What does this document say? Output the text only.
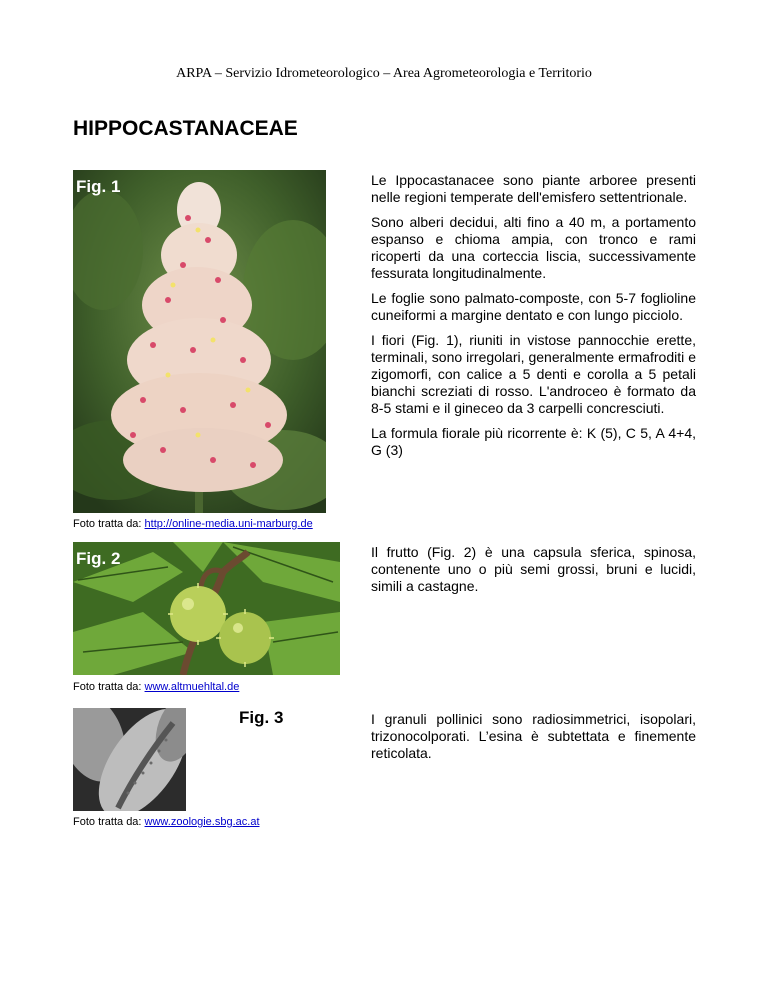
ARPA – Servizio Idrometeorologico – Area Agrometeorologia e Territorio
HIPPOCASTANACEAE
Fig. 1	Le Ippocastanacee sono piante arboree presenti nelle regioni temperate dell'emisfero settentrionale.

Sono alberi decidui, alti fino a 40 m, a portamento espanso e chioma ampia, con tronco e rami ricoperti da una corteccia liscia, successivamente fessurata longitudinalmente.

Le foglie sono palmato-composte, con 5-7 foglioline cuneiformi a margine dentato e con lungo picciolo.

I fiori (Fig. 1), riuniti in vistose pannocchie erette, terminali, sono irregolari, generalmente ermafroditi e zigomorfi, con calice a 5 denti e corolla a 5 petali bianchi screziati di rosso. L'androceo è formato da 8-5 stami e il gineceo da 3 carpelli concresciuti.

La formula fiorale più ricorrente è: K (5), C 5, A 4+4, G (3)

Foto tratta da: http://online-media.uni-marburg.de
Fig. 2	Il frutto (Fig. 2) è una capsula sferica, spinosa, contenente uno o più semi grossi, bruni e lucidi, simili a castagne.

Foto tratta da: www.altmuehltal.de
Fig. 3	I granuli pollinici sono radiosimmetrici, isopolari, trizonocolporati. L’esina è subtettata e finemente reticolata.

Foto tratta da: www.zoologie.sbg.ac.at
